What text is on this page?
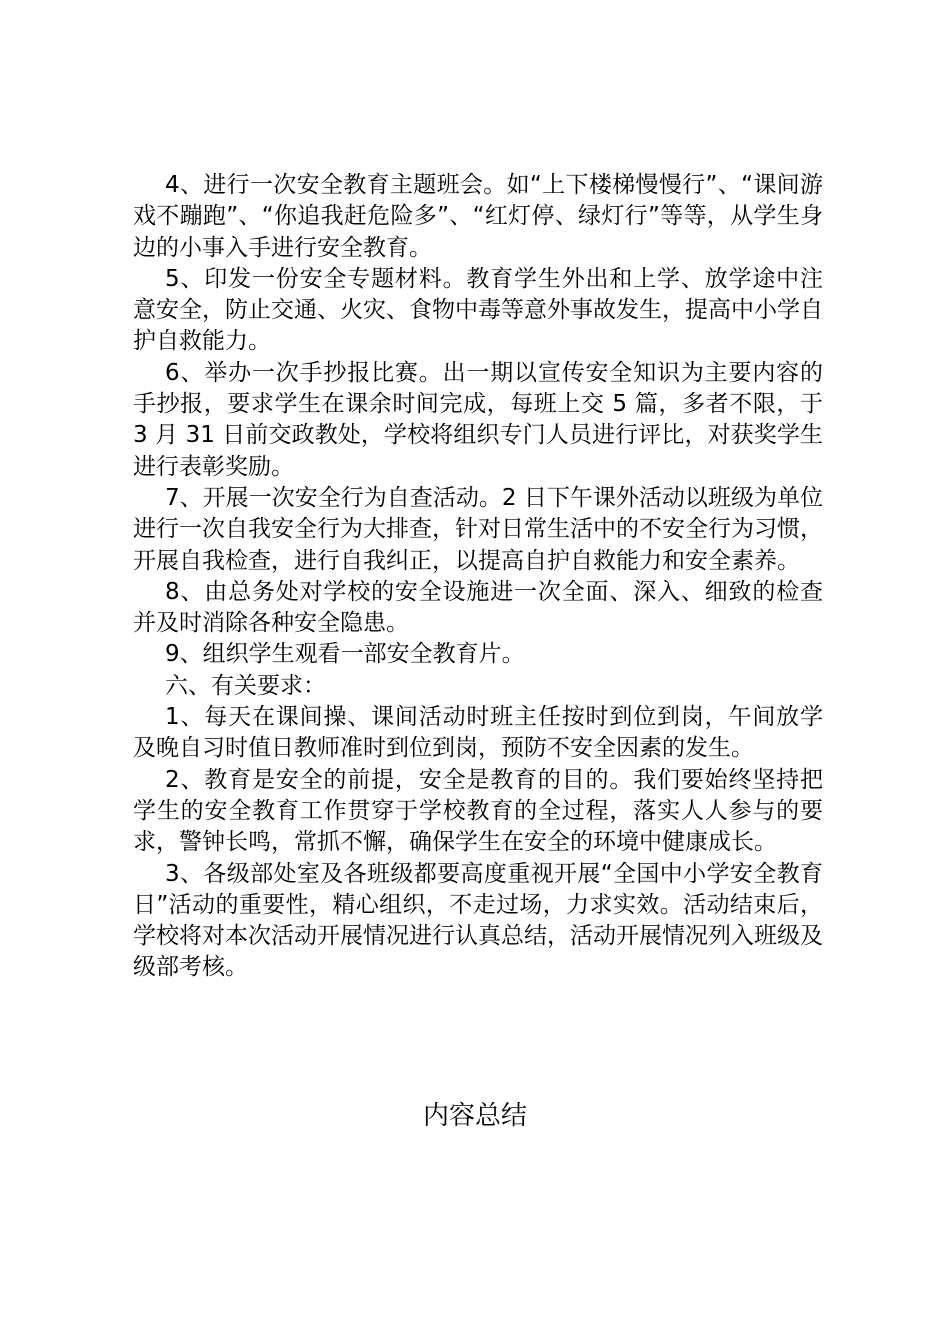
4、进行一次安全教育主题班会。如“上下楼梯慢慢行”、“课间游戏不蹦跑”、“你追我赶危险多”、“红灯停、绿灯行”等等，从学生身边的小事入手进行安全教育。

5、印发一份安全专题材料。教育学生外出和上学、放学途中注意安全，防止交通、火灾、食物中毒等意外事故发生，提高中小学自护自救能力。

6、举办一次手抄报比赛。出一期以宣传安全知识为主要内容的手抄报，要求学生在课余时间完成，每班上交 5 篇，多者不限，于 3 月 31 日前交政教处，学校将组织专门人员进行评比，对获奖学生进行表彰奖励。

7、开展一次安全行为自查活动。2 日下午课外活动以班级为单位进行一次自我安全行为大排查，针对日常生活中的不安全行为习惯，开展自我检查，进行自我纠正，以提高自护自救能力和安全素养。

8、由总务处对学校的安全设施进一次全面、深入、细致的检查并及时消除各种安全隐患。

9、组织学生观看一部安全教育片。

六、有关要求：

1、每天在课间操、课间活动时班主任按时到位到岗，午间放学及晚自习时值日教师准时到位到岗，预防不安全因素的发生。

2、教育是安全的前提，安全是教育的目的。我们要始终坚持把学生的安全教育工作贯穿于学校教育的全过程，落实人人参与的要求，警钟长鸣，常抓不懈，确保学生在安全的环境中健康成长。

3、各级部处室及各班级都要高度重视开展“全国中小学安全教育日”活动的重要性，精心组织，不走过场，力求实效。活动结束后，学校将对本次活动开展情况进行认真总结，活动开展情况列入班级及级部考核。

内容总结
